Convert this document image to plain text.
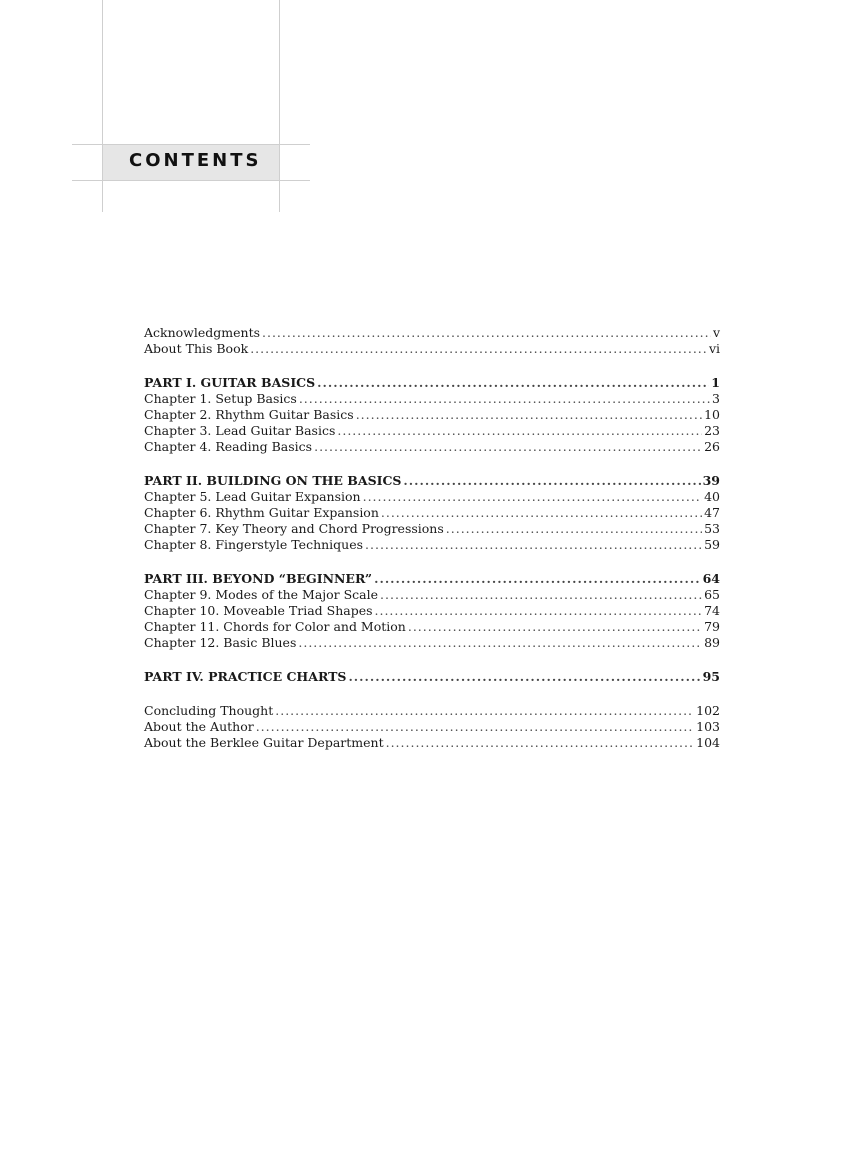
CONTENTS
Acknowledgments .....	v
About This Book .....	vi
PART I. GUITAR BASICS .....	1
Chapter 1. Setup Basics .....	3
Chapter 2. Rhythm Guitar Basics .....	10
Chapter 3. Lead Guitar Basics .....	23
Chapter 4. Reading Basics .....	26
PART II. BUILDING ON THE BASICS .....	39
Chapter 5. Lead Guitar Expansion .....	40
Chapter 6. Rhythm Guitar Expansion .....	47
Chapter 7. Key Theory and Chord Progressions .....	53
Chapter 8. Fingerstyle Techniques .....	59
PART III. BEYOND “BEGINNER” .....	64
Chapter 9. Modes of the Major Scale .....	65
Chapter 10. Moveable Triad Shapes .....	74
Chapter 11. Chords for Color and Motion .....	79
Chapter 12. Basic Blues .....	89
PART IV. PRACTICE CHARTS .....	95
Concluding Thought .....	102
About the Author .....	103
About the Berklee Guitar Department .....	104
